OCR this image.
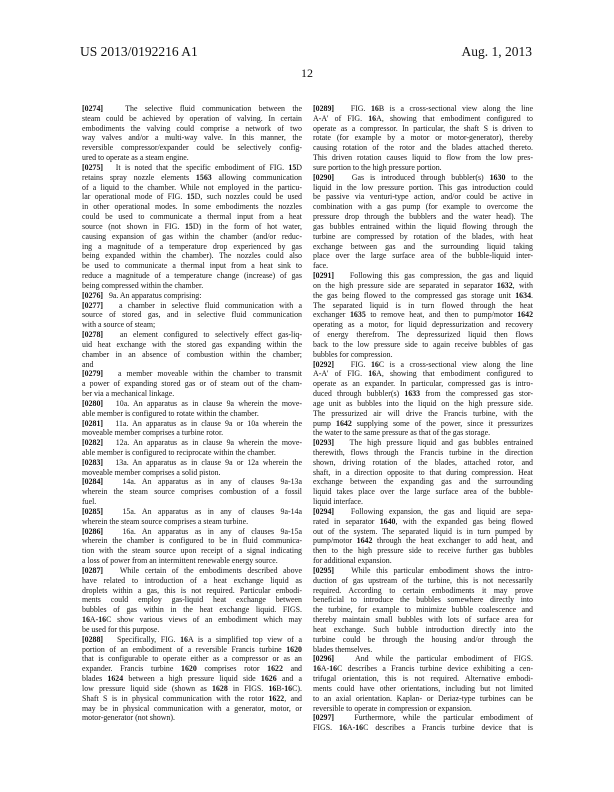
US 2013/0192216 A1	Aug. 1, 2013
12
[0274]   The selective fluid communication between the
steam could be achieved by operation of valving. In certain
embodiments the valving could comprise a network of two
way valves and/or a multi-way valve. In this manner, the
reversible compressor/expander could be selectively config-
ured to operate as a steam engine.
[0275]   It is noted that the specific embodiment of FIG. 15D
retains spray nozzle elements 1563 allowing communication
of a liquid to the chamber. While not employed in the particu-
lar operational mode of FIG. 15D, such nozzles could be used
in other operational modes. In some embodiments the nozzles
could be used to communicate a thermal input from a heat
source (not shown in FIG. 15D) in the form of hot water,
causing expansion of gas within the chamber (and/or reduc-
ing a magnitude of a temperature drop experienced by gas
being expanded within the chamber). The nozzles could also
be used to communicate a thermal input from a heat sink to
reduce a magnitude of a temperature change (increase) of gas
being compressed within the chamber.
[0276]   9a. An apparatus comprising:
[0277]   a chamber in selective fluid communication with a
source of stored gas, and in selective fluid communication
with a source of steam;
[0278]   an element configured to selectively effect gas-liq-
uid heat exchange with the stored gas expanding within the
chamber in an absence of combustion within the chamber;
and
[0279]   a member moveable within the chamber to transmit
a power of expanding stored gas or of steam out of the cham-
ber via a mechanical linkage.
[0280]   10a. An apparatus as in clause 9a wherein the move-
able member is configured to rotate within the chamber.
[0281]   11a. An apparatus as in clause 9a or 10a wherein the
moveable member comprises a turbine rotor.
[0282]   12a. An apparatus as in clause 9a wherein the move-
able member is configured to reciprocate within the chamber.
[0283]   13a. An apparatus as in clause 9a or 12a wherein the
moveable member comprises a solid piston.
[0284]   14a. An apparatus as in any of clauses 9a-13a
wherein the steam source comprises combustion of a fossil
fuel.
[0285]   15a. An apparatus as in any of clauses 9a-14a
wherein the steam source comprises a steam turbine.
[0286]   16a. An apparatus as in any of clauses 9a-15a
wherein the chamber is configured to be in fluid communica-
tion with the steam source upon receipt of a signal indicating
a loss of power from an intermittent renewable energy source.
[0287]   While certain of the embodiments described above
have related to introduction of a heat exchange liquid as
droplets within a gas, this is not required. Particular embodi-
ments could employ gas-liquid heat exchange between
bubbles of gas within in the heat exchange liquid. FIGS.
16A-16C show various views of an embodiment which may
be used for this purpose.
[0288]   Specifically, FIG. 16A is a simplified top view of a
portion of an embodiment of a reversible Francis turbine 1620
that is configurable to operate either as a compressor or as an
expander. Francis turbine 1620 comprises rotor 1622 and
blades 1624 between a high pressure liquid side 1626 and a
low pressure liquid side (shown as 1628 in FIGS. 16B-16C).
Shaft S is in physical communication with the rotor 1622, and
may be in physical communication with a generator, motor, or
motor-generator (not shown).
[0289]   FIG. 16B is a cross-sectional view along the line
A-A' of FIG. 16A, showing that embodiment configured to
operate as a compressor. In particular, the shaft S is driven to
rotate (for example by a motor or motor-generator), thereby
causing rotation of the rotor and the blades attached thereto.
This driven rotation causes liquid to flow from the low pres-
sure portion to the high pressure portion.
[0290]   Gas is introduced through bubbler(s) 1630 to the
liquid in the low pressure portion. This gas introduction could
be passive via venturi-type action, and/or could be active in
combination with a gas pump (for example to overcome the
pressure drop through the bubblers and the water head). The
gas bubbles entrained within the liquid flowing through the
turbine are compressed by rotation of the blades, with heat
exchange between gas and the surrounding liquid taking
place over the large surface area of the bubble-liquid inter-
face.
[0291]   Following this gas compression, the gas and liquid
on the high pressure side are separated in separator 1632, with
the gas being flowed to the compressed gas storage unit 1634.
The separated liquid is in turn flowed through the heat
exchanger 1635 to remove heat, and then to pump/motor 1642
operating as a motor, for liquid depressurization and recovery
of energy therefrom. The depressurized liquid then flows
back to the low pressure side to again receive bubbles of gas
bubbles for compression.
[0292]   FIG. 16C is a cross-sectional view along the line
A-A' of FIG. 16A, showing that embodiment configured to
operate as an expander. In particular, compressed gas is intro-
duced through bubbler(s) 1633 from the compressed gas stor-
age unit as bubbles into the liquid on the high pressure side.
The pressurized air will drive the Francis turbine, with the
pump 1642 supplying some of the power, since it pressurizes
the water to the same pressure as that of the gas storage.
[0293]   The high pressure liquid and gas bubbles entrained
therewith, flows through the Francis turbine in the direction
shown, driving rotation of the blades, attached rotor, and
shaft, in a direction opposite to that during compression. Heat
exchange between the expanding gas and the surrounding
liquid takes place over the large surface area of the bubble-
liquid interface.
[0294]   Following expansion, the gas and liquid are sepa-
rated in separator 1640, with the expanded gas being flowed
out of the system. The separated liquid is in turn pumped by
pump/motor 1642 through the heat exchanger to add heat, and
then to the high pressure side to receive further gas bubbles
for additional expansion.
[0295]   While this particular embodiment shows the intro-
duction of gas upstream of the turbine, this is not necessarily
required. According to certain embodiments it may prove
beneficial to introduce the bubbles somewhere directly into
the turbine, for example to minimize bubble coalescence and
thereby maintain small bubbles with lots of surface area for
heat exchange. Such bubble introduction directly into the
turbine could be through the housing and/or through the
blades themselves.
[0296]   And while the particular embodiment of FIGS.
16A-16C describes a Francis turbine device exhibiting a cen-
trifugal orientation, this is not required. Alternative embodi-
ments could have other orientations, including but not limited
to an axial orientation. Kaplan- or Deriaz-type turbines can be
reversible to operate in compression or expansion.
[0297]   Furthermore, while the particular embodiment of
FIGS. 16A-16C describes a Francis turbine device that is
